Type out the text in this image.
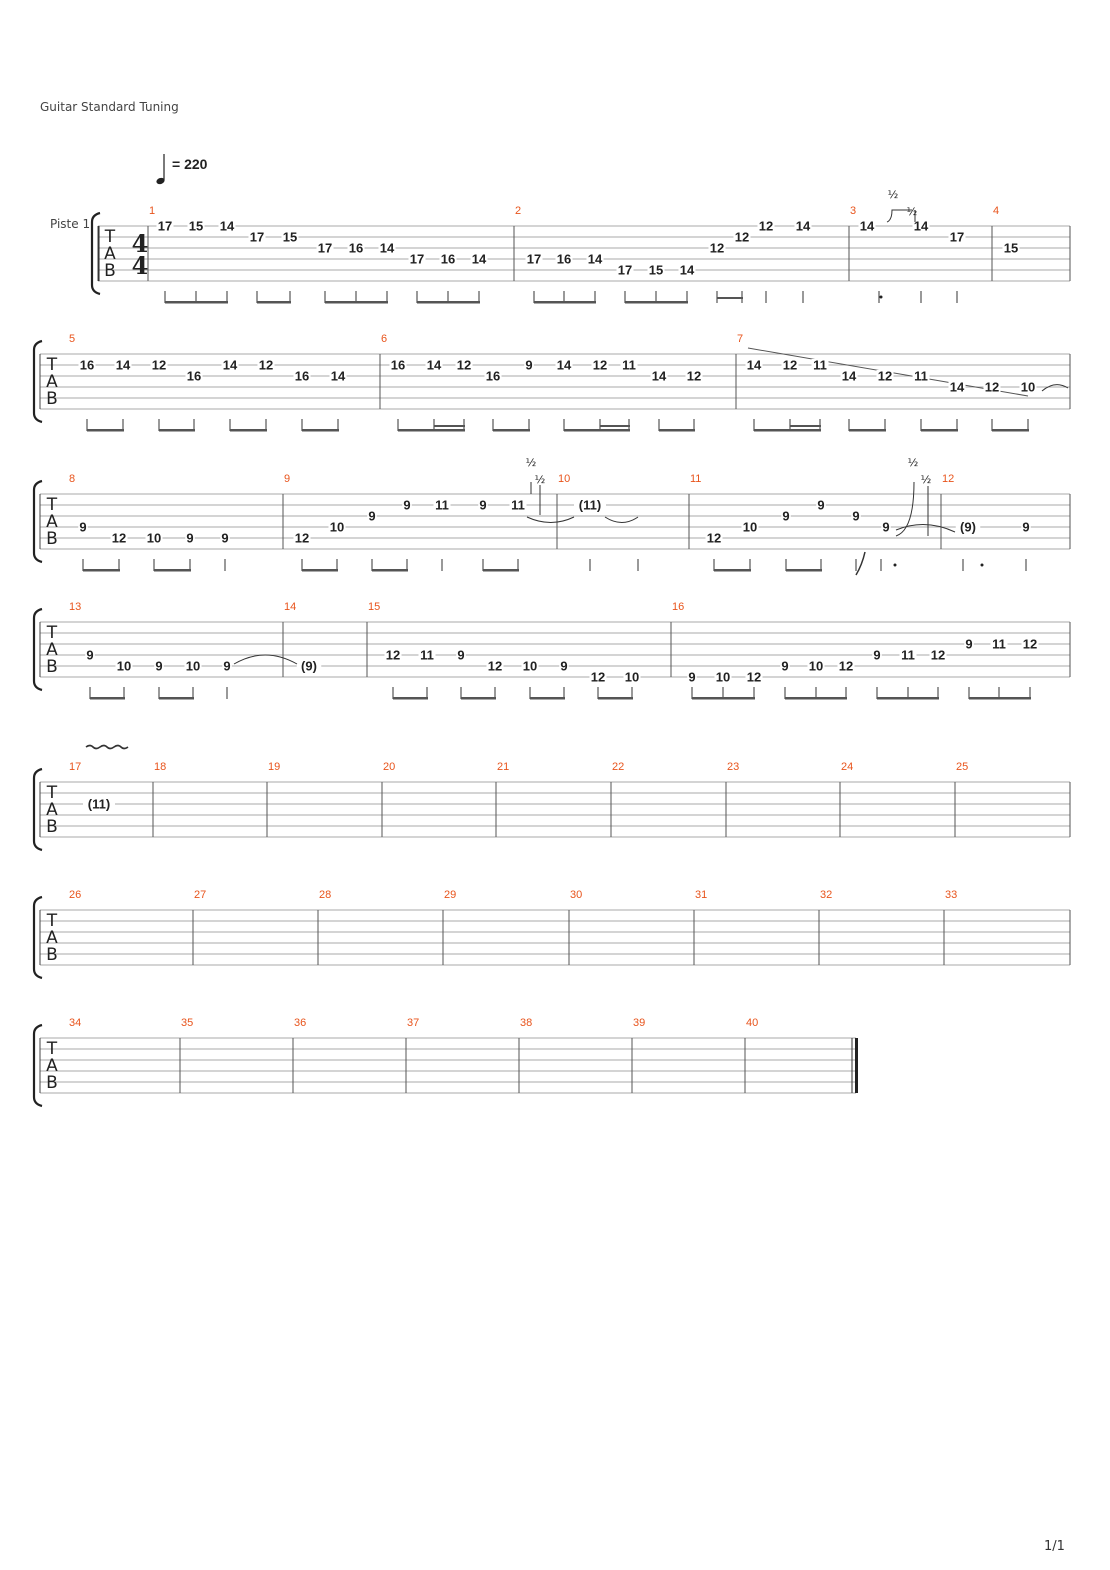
Guitar Standard Tuning
= 220
Piste 1
1/1
T
A
B
4
4
1	2	3	4
17 15 14
17 15
17 16 14
17 16 14	17 16 14
17 15 14
12
12
12 14	14	14
17
15
½
½
T
A
B
5	6	7
16 14 12
16
14 12
16 14
16 14 12
16
9 14 12 11
14 12
14 12 11
14 12 11
14 12 10
T
A
B
8	9	10	11	12
9
12 10 9 9	12
10
9
9 11 9 11	(11)
12
10
9
9
9
9	(9)	9
½
½
½
½
T
A
B
13	14	15	16
9
10 9 10 9	(9)
12 11 9
12 10 9
12 10	9 10 12
9 10 12
9 11 12
9 11 12
T
A
B
17	18	19	20	21	22	23	24	25
(11)
T
A
B
26	27	28	29	30	31	32	33
T
A
B
34	35	36	37	38	39	40
